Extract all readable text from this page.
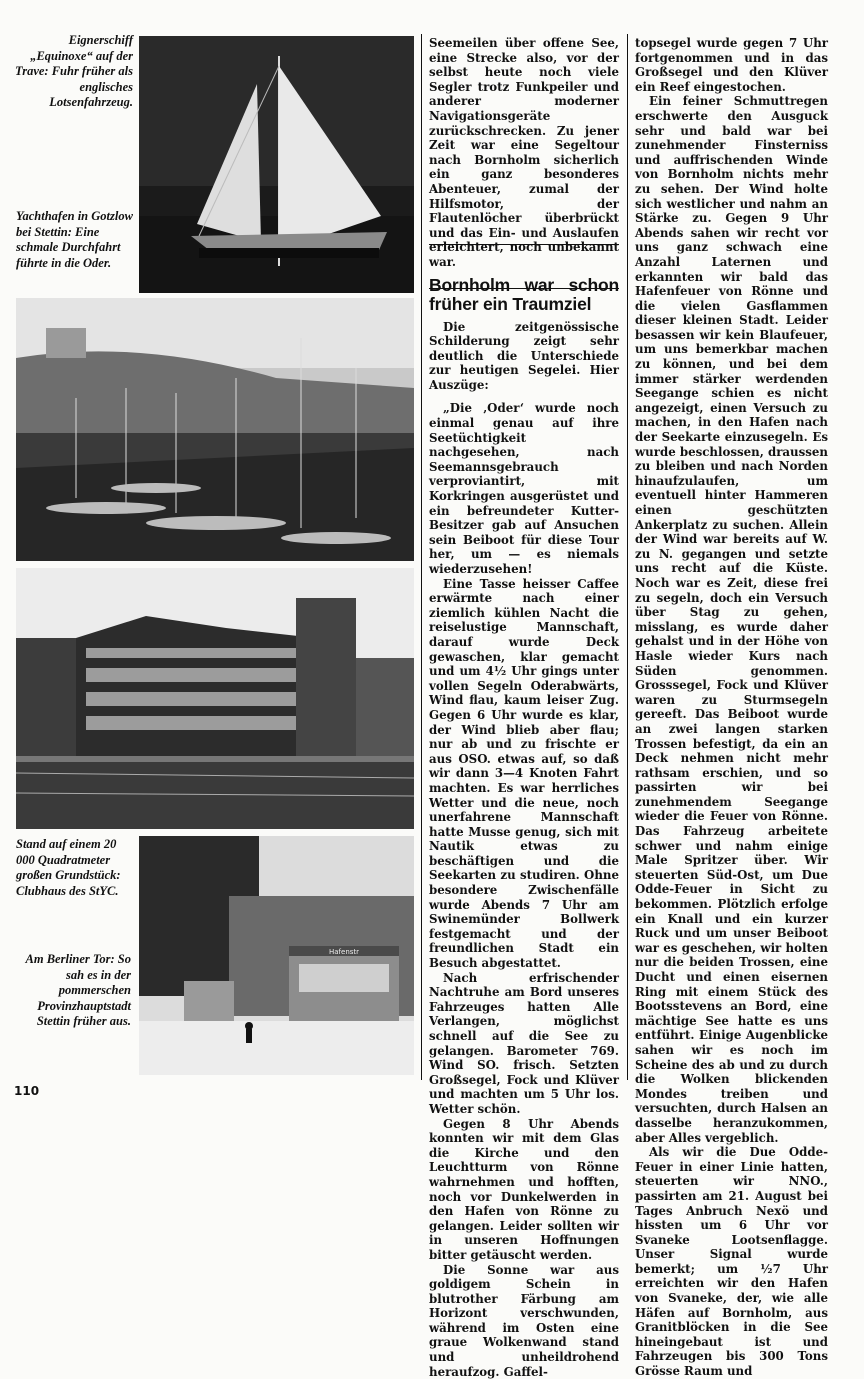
Eignerschiff „Equinoxe“ auf der Trave: Fuhr früher als englisches Lotsenfahrzeug.
Yachthafen in Gotzlow bei Stettin: Eine schmale Durchfahrt führte in die Oder.
Stand auf einem 20 000 Quadratmeter großen Grundstück: Clubhaus des StYC.
Am Berliner Tor: So sah es in der pommerschen Provinzhauptstadt Stettin früher aus.
Hafenstr

Seemeilen über offene See, eine Strecke also, vor der selbst heute noch viele Segler trotz Funkpeiler und anderer moderner Navigationsgeräte zurückschrecken. Zu jener Zeit war eine Segeltour nach Bornholm sicherlich ein ganz besonderes Abenteuer, zumal der Hilfsmotor, der Flautenlöcher überbrückt und das Ein- und Auslaufen erleichtert, noch unbekannt war.

Bornholm war schon früher ein Traumziel

Die zeitgenössische Schilderung zeigt sehr deutlich die Unterschiede zur heutigen Segelei. Hier Auszüge:

„Die ‚Oder‘ wurde noch einmal genau auf ihre Seetüchtigkeit nachgesehen, nach Seemannsgebrauch verproviantirt, mit Korkringen ausgerüstet und ein befreundeter Kutter-Besitzer gab auf Ansuchen sein Beiboot für diese Tour her, um — es niemals wiederzusehen!

Eine Tasse heisser Caffee erwärmte nach einer ziemlich kühlen Nacht die reiselustige Mannschaft, darauf wurde Deck gewaschen, klar gemacht und um 4½ Uhr gings unter vollen Segeln Oderabwärts, Wind flau, kaum leiser Zug. Gegen 6 Uhr wurde es klar, der Wind blieb aber flau; nur ab und zu frischte er aus OSO. etwas auf, so daß wir dann 3—4 Knoten Fahrt machten. Es war herrliches Wetter und die neue, noch unerfahrene Mannschaft hatte Musse genug, sich mit Nautik etwas zu beschäftigen und die Seekarten zu studiren. Ohne besondere Zwischenfälle wurde Abends 7 Uhr am Swinemünder Bollwerk festgemacht und der freundlichen Stadt ein Besuch abgestattet.

Nach erfrischender Nachtruhe am Bord unseres Fahrzeuges hatten Alle Verlangen, möglichst schnell auf die See zu gelangen. Barometer 769. Wind SO. frisch. Setzten Großsegel, Fock und Klüver und machten um 5 Uhr los. Wetter schön.

Gegen 8 Uhr Abends konnten wir mit dem Glas die Kirche und den Leuchtturm von Rönne wahrnehmen und hofften, noch vor Dunkelwerden in den Hafen von Rönne zu gelangen. Leider sollten wir in unseren Hoffnungen bitter getäuscht werden.

Die Sonne war aus goldigem Schein in blutrother Färbung am Horizont verschwunden, während im Osten eine graue Wolkenwand stand und unheildrohend heraufzog. Gaffel-

topsegel wurde gegen 7 Uhr fortgenommen und in das Großsegel und den Klüver ein Reef eingestochen.

Ein feiner Schmuttregen erschwerte den Ausguck sehr und bald war bei zunehmender Finsterniss und auffrischenden Winde von Bornholm nichts mehr zu sehen. Der Wind holte sich westlicher und nahm an Stärke zu. Gegen 9 Uhr Abends sahen wir recht vor uns ganz schwach eine Anzahl Laternen und erkannten wir bald das Hafenfeuer von Rönne und die vielen Gasflammen dieser kleinen Stadt. Leider besassen wir kein Blaufeuer, um uns bemerkbar machen zu können, und bei dem immer stärker werdenden Seegange schien es nicht angezeigt, einen Versuch zu machen, in den Hafen nach der Seekarte einzusegeln. Es wurde beschlossen, draussen zu bleiben und nach Norden hinaufzulaufen, um eventuell hinter Hammeren einen geschützten Ankerplatz zu suchen. Allein der Wind war bereits auf W. zu N. gegangen und setzte uns recht auf die Küste. Noch war es Zeit, diese frei zu segeln, doch ein Versuch über Stag zu gehen, misslang, es wurde daher gehalst und in der Höhe von Hasle wieder Kurs nach Süden genommen. Grosssegel, Fock und Klüver waren zu Sturmsegeln gereeft. Das Beiboot wurde an zwei langen starken Trossen befestigt, da ein an Deck nehmen nicht mehr rathsam erschien, und so passirten wir bei zunehmendem Seegange wieder die Feuer von Rönne. Das Fahrzeug arbeitete schwer und nahm einige Male Spritzer über. Wir steuerten Süd-Ost, um Due Odde-Feuer in Sicht zu bekommen. Plötzlich erfolge ein Knall und ein kurzer Ruck und um unser Beiboot war es geschehen, wir holten nur die beiden Trossen, eine Ducht und einen eisernen Ring mit einem Stück des Bootsstevens an Bord, eine mächtige See hatte es uns entführt. Einige Augenblicke sahen wir es noch im Scheine des ab und zu durch die Wolken blickenden Mondes treiben und versuchten, durch Halsen an dasselbe heranzukommen, aber Alles vergeblich.

Als wir die Due Odde-Feuer in einer Linie hatten, steuerten wir NNO., passirten am 21. August bei Tages Anbruch Nexö und hissten um 6 Uhr vor Svaneke Lootsenflagge. Unser Signal wurde bemerkt; um ½7 Uhr erreichten wir den Hafen von Svaneke, der, wie alle Häfen auf Bornholm, aus Granitblöcken in die See hineingebaut ist und Fahrzeugen bis 300 Tons Grösse Raum und

110
